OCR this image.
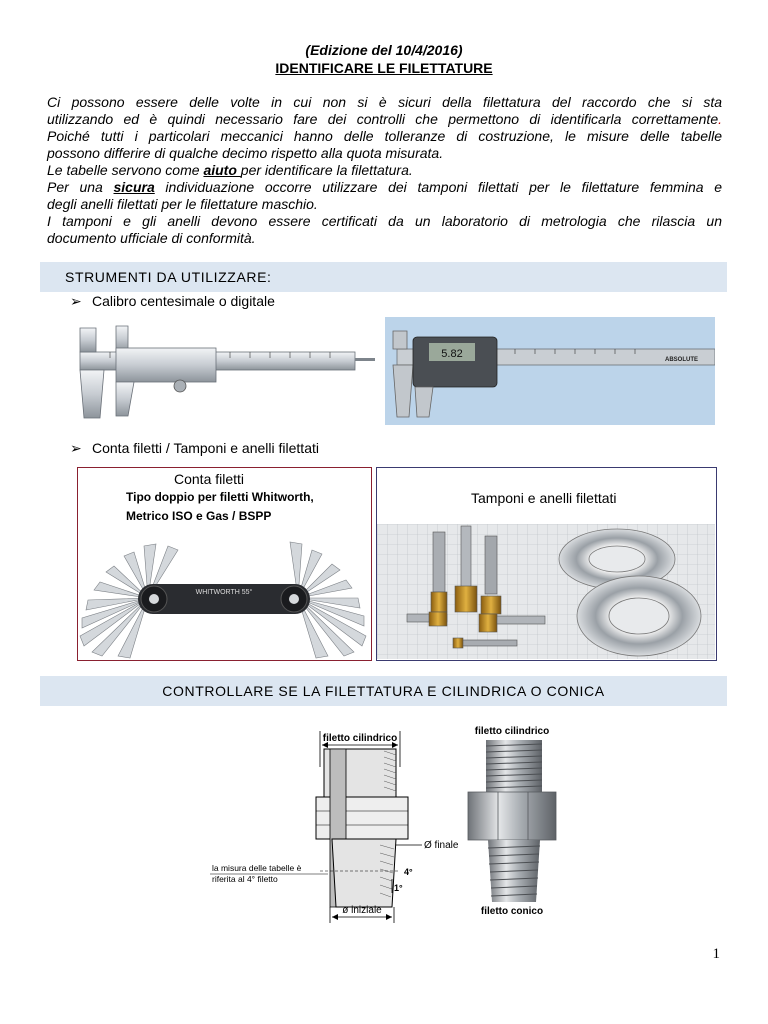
(Edizione del 10/4/2016)
IDENTIFICARE LE FILETTATURE

Ci possono essere delle volte in cui non si è sicuri della filettatura del raccordo che si sta

utilizzando ed è quindi necessario fare dei controlli che permettono di identificarla correttamente.

Poiché tutti i particolari meccanici hanno delle tolleranze di costruzione, le misure delle tabelle

possono differire di qualche decimo rispetto alla quota misurata.

Le tabelle servono come aiuto per identificare la filettatura.

Per una sicura individuazione occorre utilizzare dei tamponi filettati per le filettature femmina e

degli anelli filettati per le filettature maschio.

I tamponi e gli anelli devono essere certificati da un laboratorio di metrologia che rilascia un

documento ufficiale di conformità.

STRUMENTI DA UTILIZZARE:
➢ Calibro centesimale o digitale
5.82	ABSOLUTE
➢ Conta filetti / Tamponi e anelli filettati
Conta filetti
Tipo doppio per filetti Whitworth,
Metrico ISO e Gas / BSPP
WHITWORTH 55°
Tamponi e anelli filettati
CONTROLLARE SE LA FILETTATURA E CILINDRICA O CONICA
filetto cilindrico
Ø finale
4°
1°
ø iniziale
la misura delle tabelle è
riferita al 4° filetto
filetto cilindrico
filetto conico
1
